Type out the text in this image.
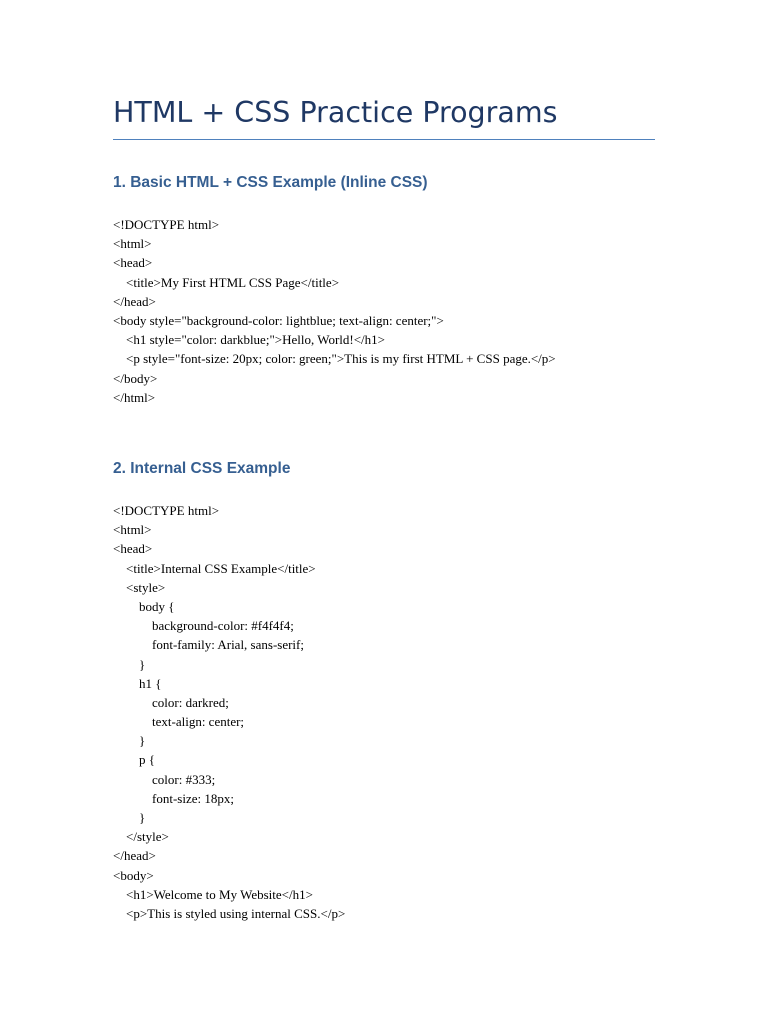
HTML + CSS Practice Programs
1. Basic HTML + CSS Example (Inline CSS)
<!DOCTYPE html>
<html>
<head>
<title>My First HTML CSS Page</title>
</head>
<body style="background-color: lightblue; text-align: center;">
<h1 style="color: darkblue;">Hello, World!</h1>
<p style="font-size: 20px; color: green;">This is my first HTML + CSS page.</p>
</body>
</html>
2. Internal CSS Example
<!DOCTYPE html>
<html>
<head>
<title>Internal CSS Example</title>
<style>
body {
background-color: #f4f4f4;
font-family: Arial, sans-serif;
}
h1 {
color: darkred;
text-align: center;
}
p {
color: #333;
font-size: 18px;
}
</style>
</head>
<body>
<h1>Welcome to My Website</h1>
<p>This is styled using internal CSS.</p>
